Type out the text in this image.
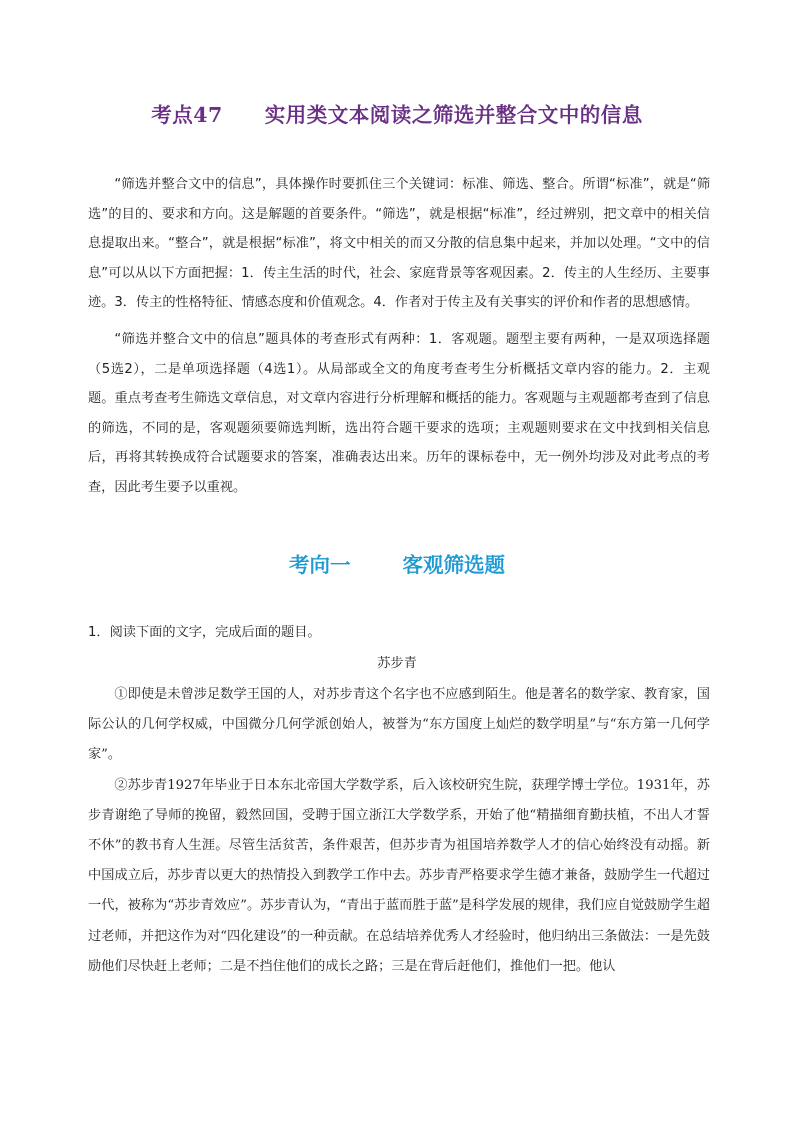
考点47 实用类文本阅读之筛选并整合文中的信息

“筛选并整合文中的信息”，具体操作时要抓住三个关键词：标准、筛选、整合。所谓“标准”，就是“筛选”的目的、要求和方向。这是解题的首要条件。“筛选”，就是根据“标准”，经过辨别，把文章中的相关信息提取出来。“整合”，就是根据“标准”，将文中相关的而又分散的信息集中起来，并加以处理。“文中的信息”可以从以下方面把握：1．传主生活的时代，社会、家庭背景等客观因素。2．传主的人生经历、主要事迹。3．传主的性格特征、情感态度和价值观念。4．作者对于传主及有关事实的评价和作者的思想感情。

“筛选并整合文中的信息”题具体的考查形式有两种：1．客观题。题型主要有两种，一是双项选择题（5选2），二是单项选择题（4选1）。从局部或全文的角度考查考生分析概括文章内容的能力。2．主观题。重点考查考生筛选文章信息，对文章内容进行分析理解和概括的能力。客观题与主观题都考查到了信息的筛选，不同的是，客观题须要筛选判断，选出符合题干要求的选项；主观题则要求在文中找到相关信息后，再将其转换成符合试题要求的答案，准确表达出来。历年的课标卷中，无一例外均涉及对此考点的考查，因此考生要予以重视。

考向一	客观筛选题
1．阅读下面的文字，完成后面的题目。
苏步青

①即使是未曾涉足数学王国的人，对苏步青这个名字也不应感到陌生。他是著名的数学家、教育家，国际公认的几何学权威，中国微分几何学派创始人，被誉为“东方国度上灿烂的数学明星”与“东方第一几何学家”。

②苏步青1927年毕业于日本东北帝国大学数学系，后入该校研究生院，获理学博士学位。1931年，苏步青谢绝了导师的挽留，毅然回国，受聘于国立浙江大学数学系，开始了他“精描细育勤扶植，不出人才誓不休”的教书育人生涯。尽管生活贫苦，条件艰苦，但苏步青为祖国培养数学人才的信心始终没有动摇。新中国成立后，苏步青以更大的热情投入到教学工作中去。苏步青严格要求学生德才兼备，鼓励学生一代超过一代，被称为“苏步青效应”。苏步青认为，“青出于蓝而胜于蓝”是科学发展的规律，我们应自觉鼓励学生超过老师，并把这作为对“四化建设”的一种贡献。在总结培养优秀人才经验时，他归纳出三条做法：一是先鼓励他们尽快赶上老师；二是不挡住他们的成长之路；三是在背后赶他们，推他们一把。他认
